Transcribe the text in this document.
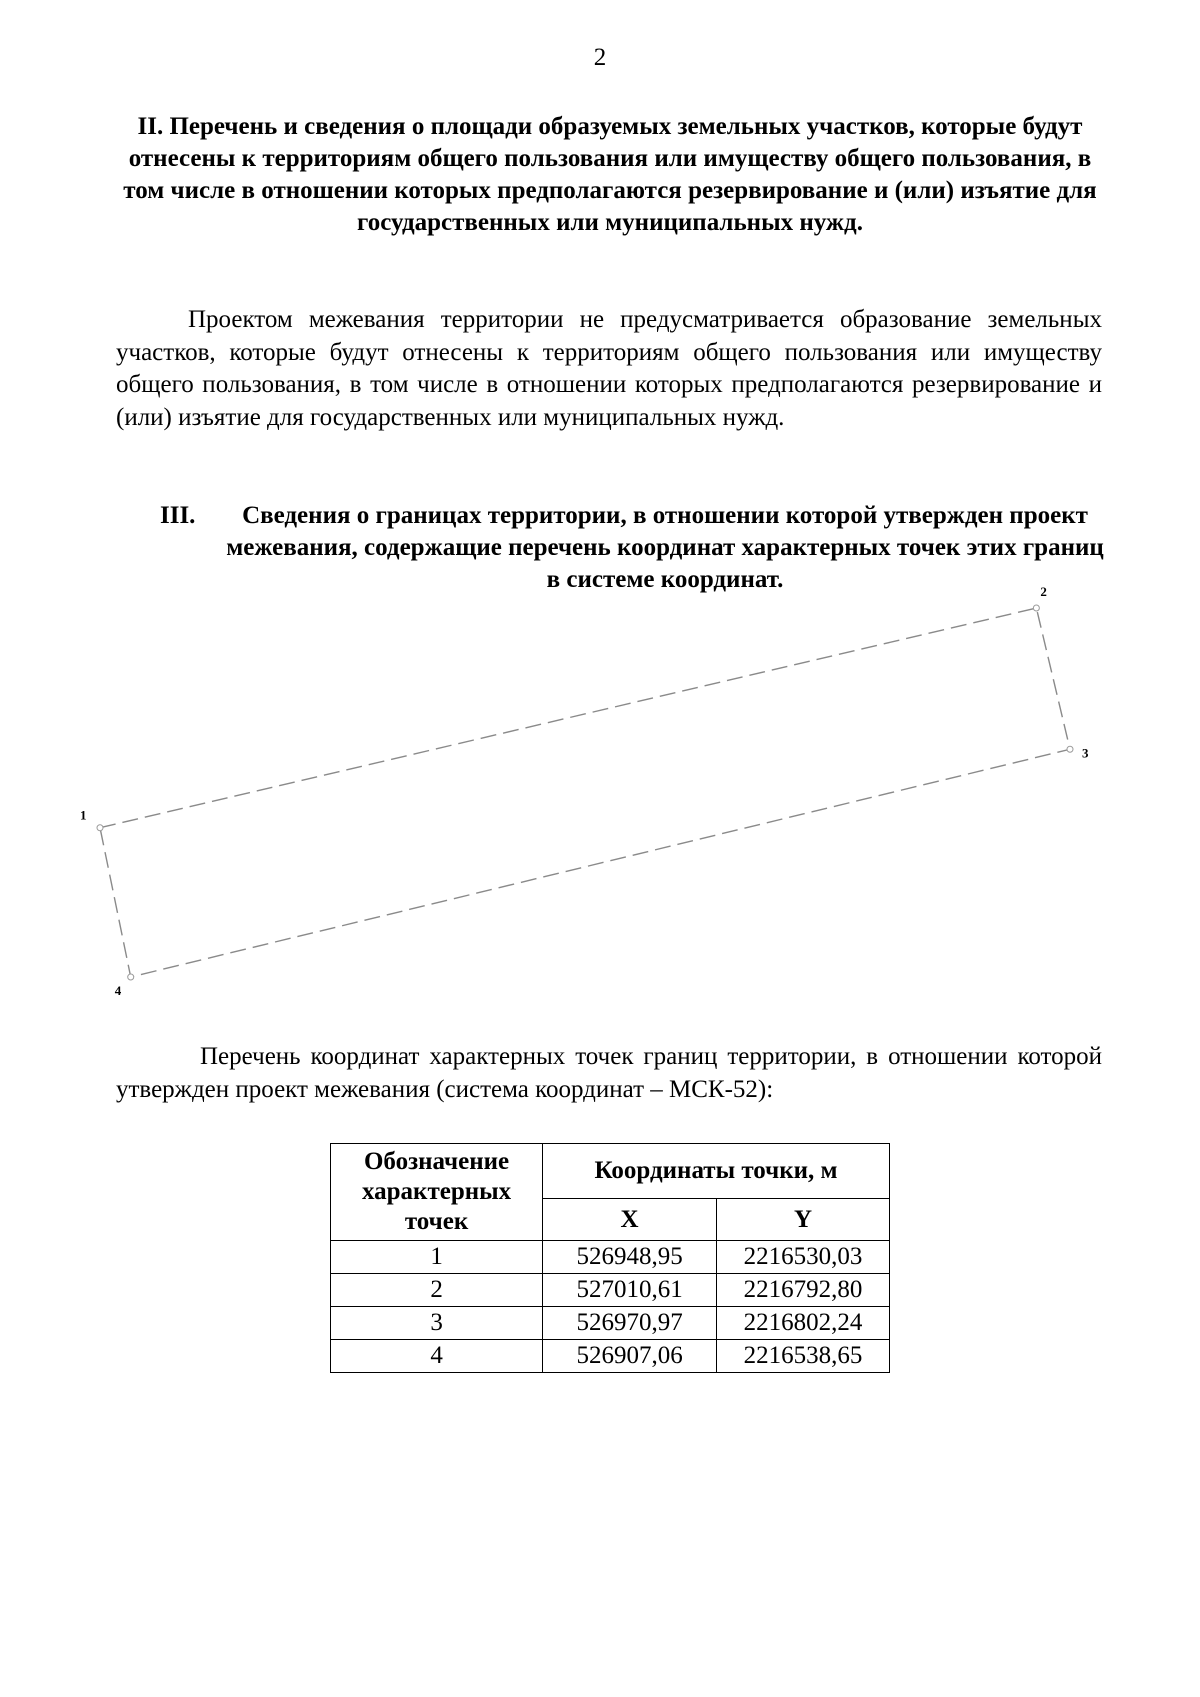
2
II. Перечень и сведения о площади образуемых земельных участков, которые будут отнесены к территориям общего пользования или имуществу общего пользования, в том числе в отношении которых предполагаются резервирование и (или) изъятие для государственных или муниципальных нужд.

Проектом межевания территории не предусматривается образование земельных участков, которые будут отнесены к территориям общего пользования или имуществу общего пользования, в том числе в отношении которых предполагаются резервирование и (или) изъятие для государственных или муниципальных нужд.

III.	Сведения о границах территории, в отношении которой утвержден проект межевания, содержащие перечень координат характерных точек этих границ в системе координат.
1
2
3
4

Перечень координат характерных точек границ территории, в отношении которой утвержден проект межевания (система координат – МСК-52):

Обозначение характерных точек	Координаты точки, м	
	X	Y
1	526948,95	2216530,03
2	527010,61	2216792,80
3	526970,97	2216802,24
4	526907,06	2216538,65
